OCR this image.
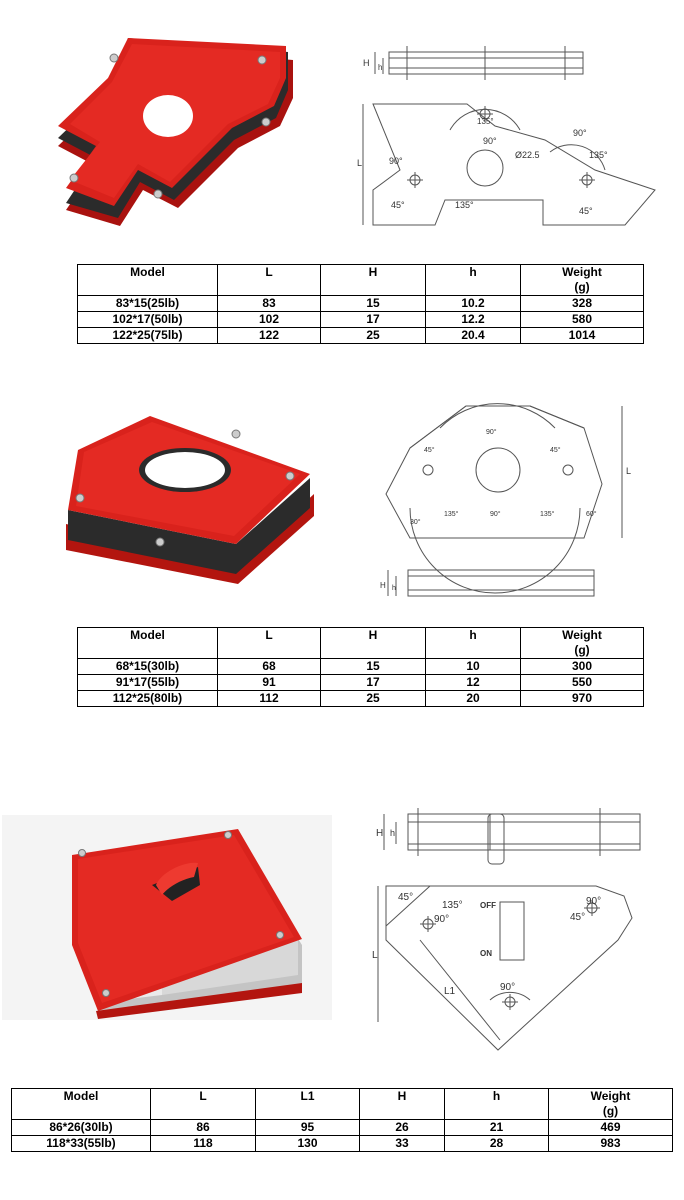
H h
L
135°
90°
90°
135°
90°
45°	135°
45°
Ø22.5
Model	L	H	h	Weight
(g)

83*15(25lb)	83	15	10.2	328
102*17(50lb)	102	17	12.2	580
122*25(75lb)	122	25	20.4	1014
90°
45°
135°
30°
135°
45°
60°
90°
L
H h
Model	L	H	h	Weight
(g)

68*15(30lb)	68	15	10	300
91*17(55lb)	91	17	12	550
112*25(80lb)	112	25	20	970
H h
L
45°
135°
90°
90°
45°
90°
OFF
ON
L1
Model	L	L1	H	h	Weight
(g)

86*26(30lb)	86	95	26	21	469
118*33(55lb)	118	130	33	28	983
